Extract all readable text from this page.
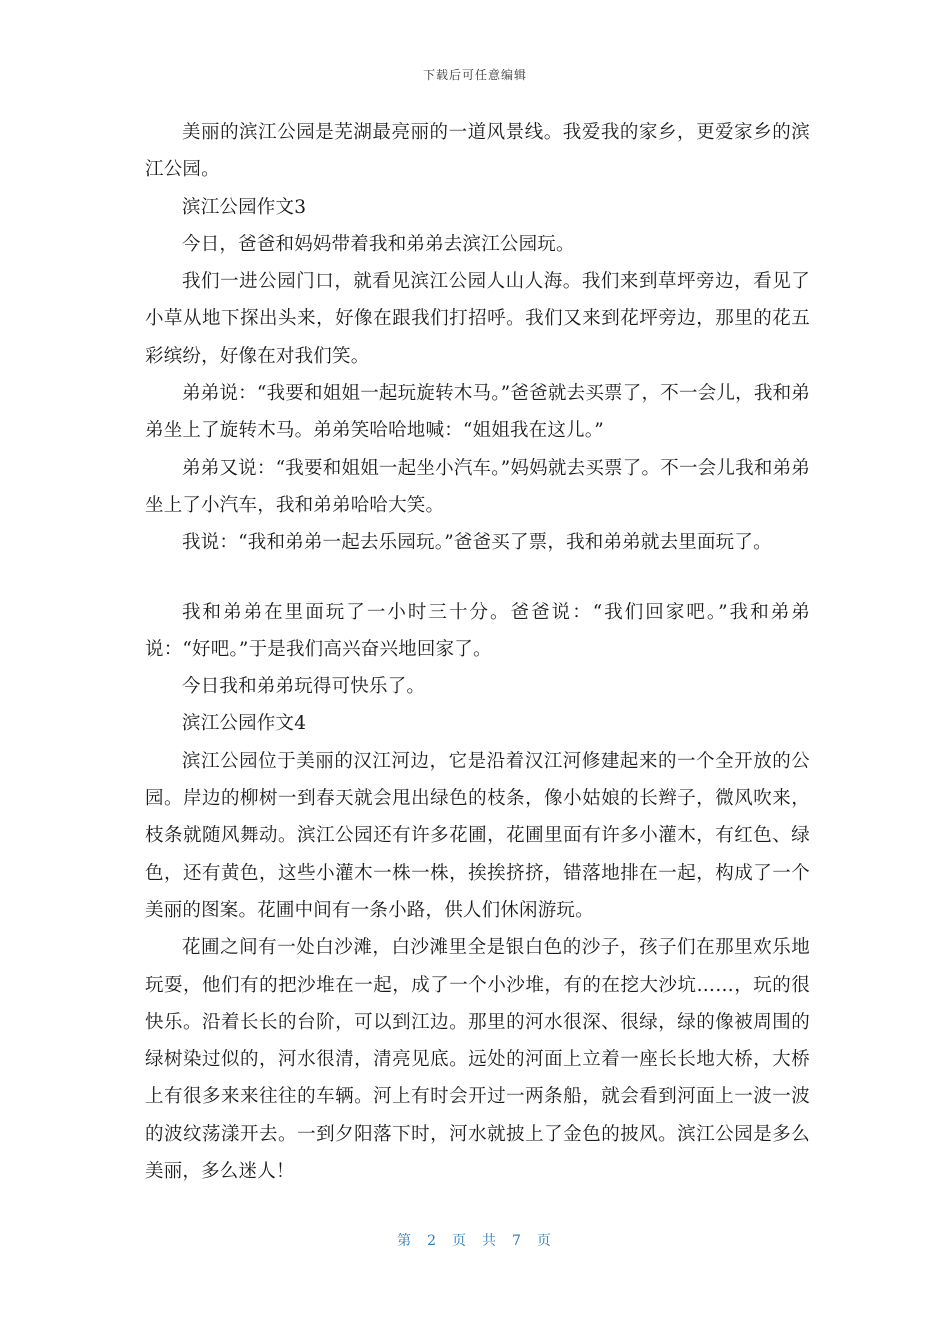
下载后可任意编辑

美丽的滨江公园是芜湖最亮丽的一道风景线。我爱我的家乡，更爱家乡的滨江公园。

滨江公园作文3

今日，爸爸和妈妈带着我和弟弟去滨江公园玩。

我们一进公园门口，就看见滨江公园人山人海。我们来到草坪旁边，看见了小草从地下探出头来，好像在跟我们打招呼。我们又来到花坪旁边，那里的花五彩缤纷，好像在对我们笑。

弟弟说：“我要和姐姐一起玩旋转木马。”爸爸就去买票了，不一会儿，我和弟弟坐上了旋转木马。弟弟笑哈哈地喊：“姐姐我在这儿。”

弟弟又说：“我要和姐姐一起坐小汽车。”妈妈就去买票了。不一会儿我和弟弟坐上了小汽车，我和弟弟哈哈大笑。

我说：“我和弟弟一起去乐园玩。”爸爸买了票，我和弟弟就去里面玩了。

我和弟弟在里面玩了一小时三十分。爸爸说：“我们回家吧。”我和弟弟说：“好吧。”于是我们高兴奋兴地回家了。

今日我和弟弟玩得可快乐了。

滨江公园作文4

滨江公园位于美丽的汉江河边，它是沿着汉江河修建起来的一个全开放的公园。岸边的柳树一到春天就会甩出绿色的枝条，像小姑娘的长辫子，微风吹来，枝条就随风舞动。滨江公园还有许多花圃，花圃里面有许多小灌木，有红色、绿色，还有黄色，这些小灌木一株一株，挨挨挤挤，错落地排在一起，构成了一个美丽的图案。花圃中间有一条小路，供人们休闲游玩。

花圃之间有一处白沙滩，白沙滩里全是银白色的沙子，孩子们在那里欢乐地玩耍，他们有的把沙堆在一起，成了一个小沙堆，有的在挖大沙坑……，玩的很快乐。沿着长长的台阶，可以到江边。那里的河水很深、很绿，绿的像被周围的绿树染过似的，河水很清，清亮见底。远处的河面上立着一座长长地大桥，大桥上有很多来来往往的车辆。河上有时会开过一两条船，就会看到河面上一波一波的波纹荡漾开去。一到夕阳落下时，河水就披上了金色的披风。滨江公园是多么美丽，多么迷人！

第 2 页 共 7 页
